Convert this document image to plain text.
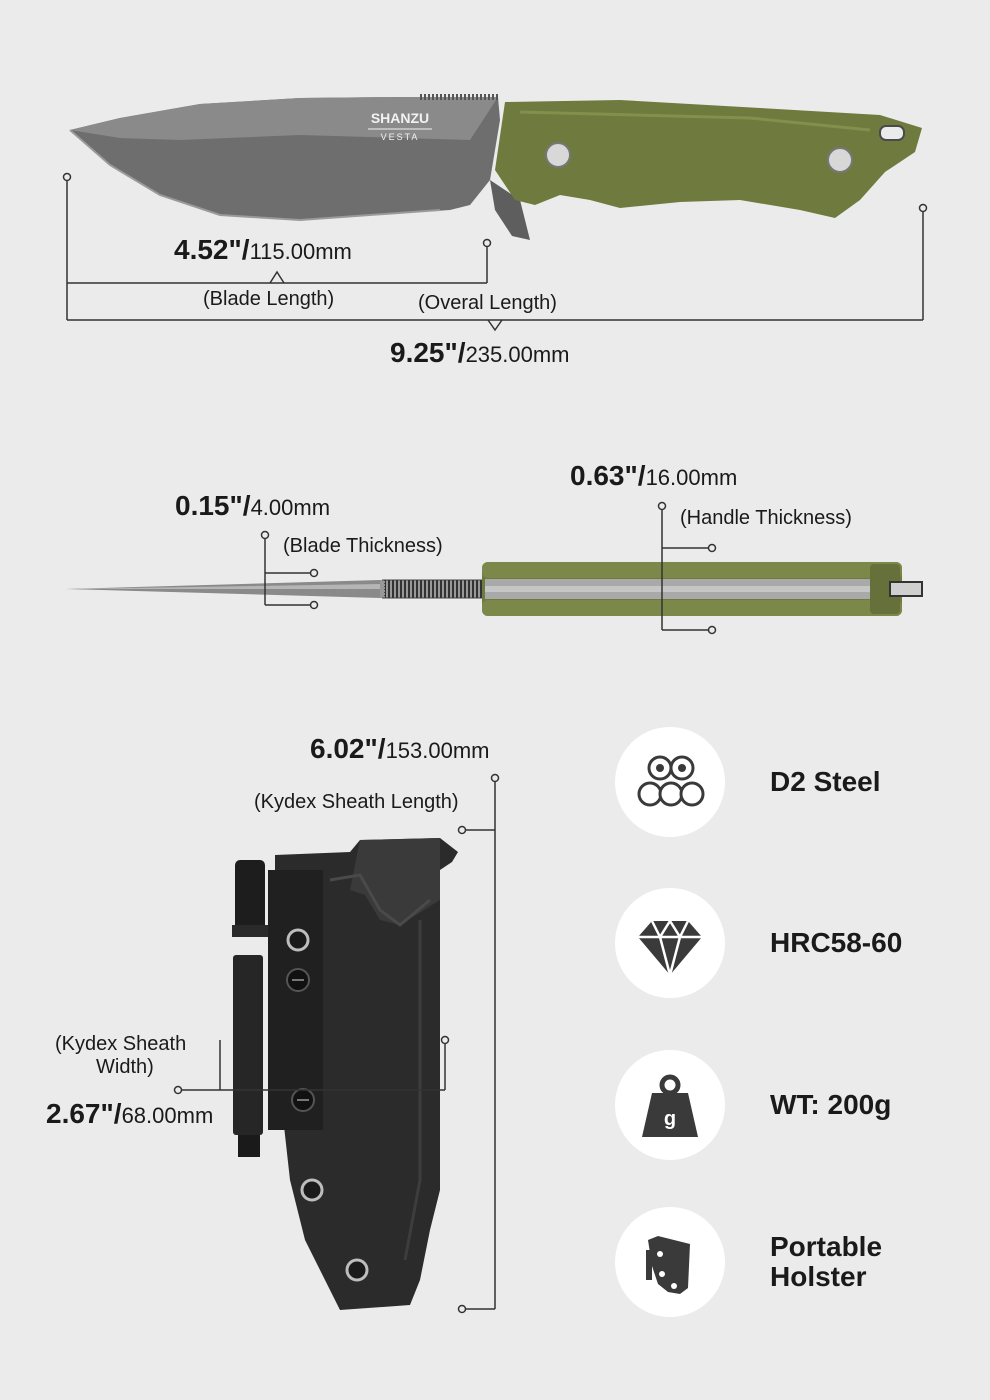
SHANZU
VESTA
4.52"/115.00mm
(Blade Length)	(Overal Length)
9.25"/235.00mm
0.15"/4.00mm
(Blade Thickness)
0.63"/16.00mm
(Handle Thickness)
6.02"/153.00mm
(Kydex Sheath Length)
(Kydex Sheath
Width)
2.67"/68.00mm
D2 Steel
HRC58-60
g	WT: 200g
Portable
Holster
